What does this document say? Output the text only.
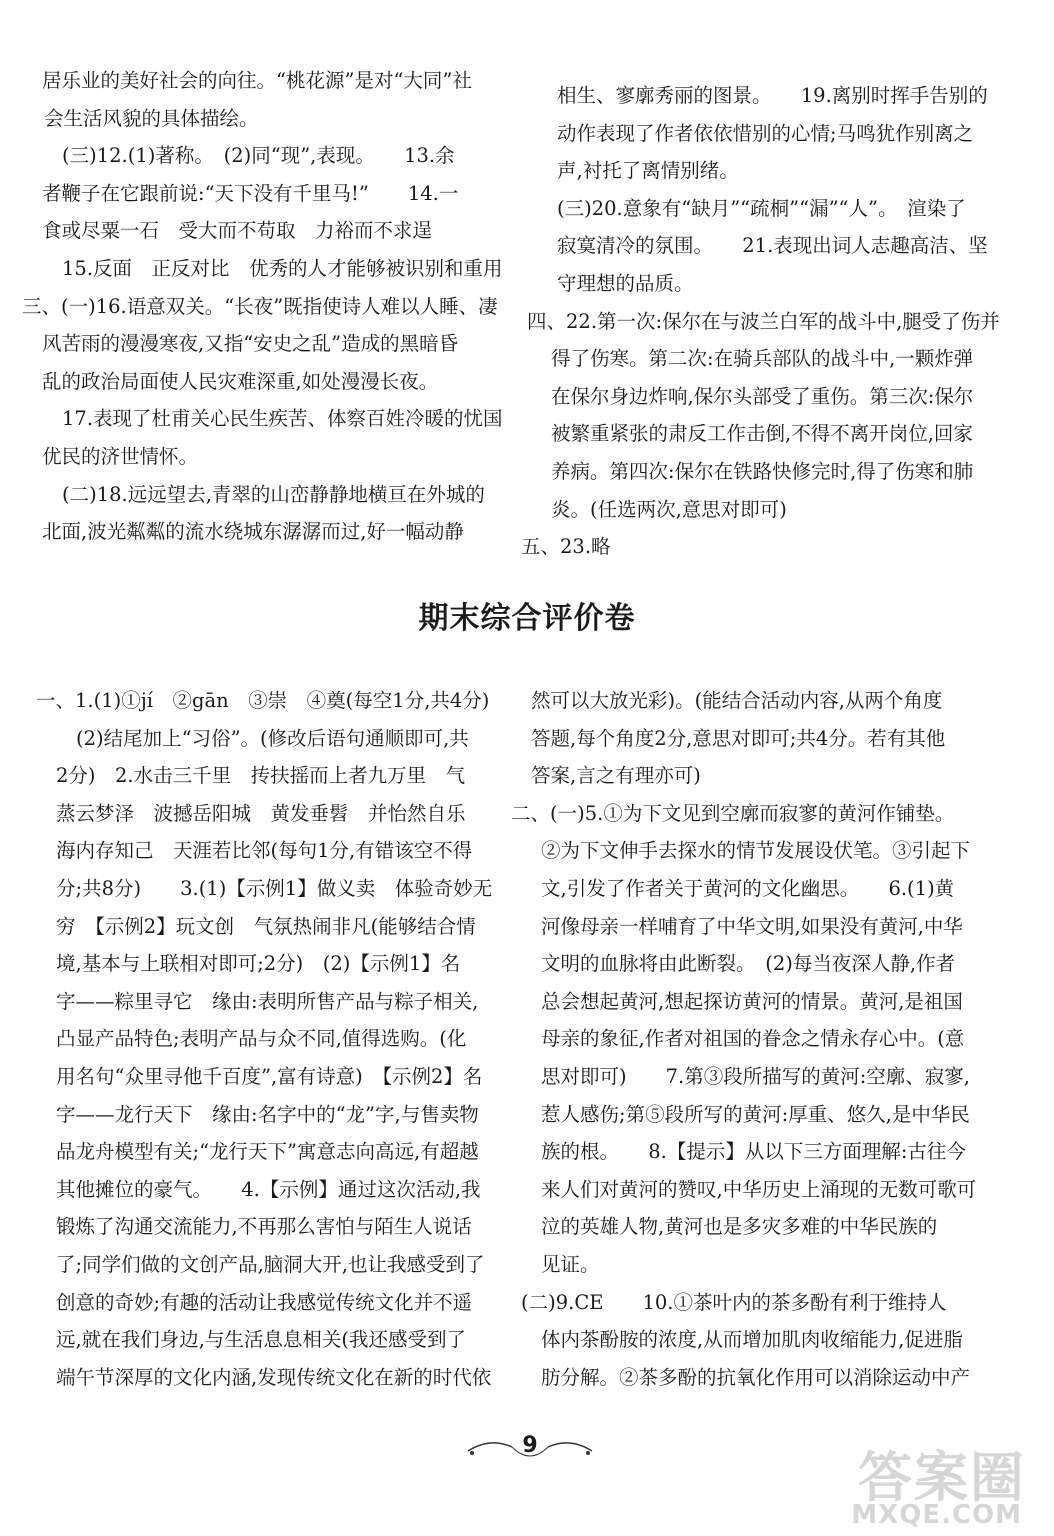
居乐业的美好社会的向往。“桃花源”是对“大同”社

会生活风貌的具体描绘。

(三)12.(1)著称。　(2)同“现”,表现。　　13.余

者鞭子在它跟前说:“天下没有千里马!”　　14.一

食或尽粟一石　受大而不苟取　力裕而不求逞

15.反面　正反对比　优秀的人才能够被识别和重用

三、(一)16.语意双关。“长夜”既指使诗人难以人睡、凄

风苦雨的漫漫寒夜,又指“安史之乱”造成的黑暗昏

乱的政治局面使人民灾难深重,如处漫漫长夜。

17.表现了杜甫关心民生疾苦、体察百姓冷暖的忧国

优民的济世情怀。

(二)18.远远望去,青翠的山峦静静地横亘在外城的

北面,波光粼粼的流水绕城东潺潺而过,好一幅动静

相生、寥廓秀丽的图景。　　19.离别时挥手告别的

动作表现了作者依依惜别的心情;马鸣犹作别离之

声,衬托了离情别绪。

(三)20.意象有“缺月”“疏桐”“漏”“人”。　渲染了

寂寞清冷的氛围。　　21.表现出词人志趣高洁、坚

守理想的品质。

四、22.第一次:保尔在与波兰白军的战斗中,腿受了伤并

得了伤寒。第二次:在骑兵部队的战斗中,一颗炸弹

在保尔身边炸响,保尔头部受了重伤。第三次:保尔

被繁重紧张的肃反工作击倒,不得不离开岗位,回家

养病。第四次:保尔在铁路快修完时,得了伤寒和肺

炎。(任选两次,意思对即可)

五、23.略

期末综合评价卷

一、1.(1)①jí　②gān　③崇　④奠(每空1分,共4分)

(2)结尾加上“习俗”。(修改后语句通顺即可,共

2分)　2.水击三千里　抟扶摇而上者九万里　气

蒸云梦泽　波撼岳阳城　黄发垂髫　并怡然自乐

海内存知己　天涯若比邻(每句1分,有错该空不得

分;共8分)　　3.(1)【示例1】做义卖　体验奇妙无

穷　【示例2】玩文创　气氛热闹非凡(能够结合情

境,基本与上联相对即可;2分)　(2)【示例1】名

字——粽里寻它　缘由:表明所售产品与粽子相关,

凸显产品特色;表明产品与众不同,值得选购。(化

用名句“众里寻他千百度”,富有诗意)　【示例2】名

字——龙行天下　缘由:名字中的“龙”字,与售卖物

品龙舟模型有关;“龙行天下”寓意志向高远,有超越

其他摊位的豪气。　　4.【示例】通过这次活动,我

锻炼了沟通交流能力,不再那么害怕与陌生人说话

了;同学们做的文创产品,脑洞大开,也让我感受到了

创意的奇妙;有趣的活动让我感觉传统文化并不遥

远,就在我们身边,与生活息息相关(我还感受到了

端午节深厚的文化内涵,发现传统文化在新的时代依

然可以大放光彩)。(能结合活动内容,从两个角度

答题,每个角度2分,意思对即可;共4分。若有其他

答案,言之有理亦可)

二、(一)5.①为下文见到空廓而寂寥的黄河作铺垫。

②为下文伸手去探水的情节发展设伏笔。③引起下

文,引发了作者关于黄河的文化幽思。　　6.(1)黄

河像母亲一样哺育了中华文明,如果没有黄河,中华

文明的血脉将由此断裂。　(2)每当夜深人静,作者

总会想起黄河,想起探访黄河的情景。黄河,是祖国

母亲的象征,作者对祖国的眷念之情永存心中。(意

思对即可)　　7.第③段所描写的黄河:空廓、寂寥,

惹人感伤;第⑤段所写的黄河:厚重、悠久,是中华民

族的根。　　8.【提示】从以下三方面理解:古往今

来人们对黄河的赞叹,中华历史上涌现的无数可歌可

泣的英雄人物,黄河也是多灾多难的中华民族的

见证。

(二)9.CE　　10.①茶叶内的茶多酚有利于维持人

体内茶酚胺的浓度,从而增加肌肉收缩能力,促进脂

肪分解。②茶多酚的抗氧化作用可以消除运动中产

9
答案圈
MXQE.COM
